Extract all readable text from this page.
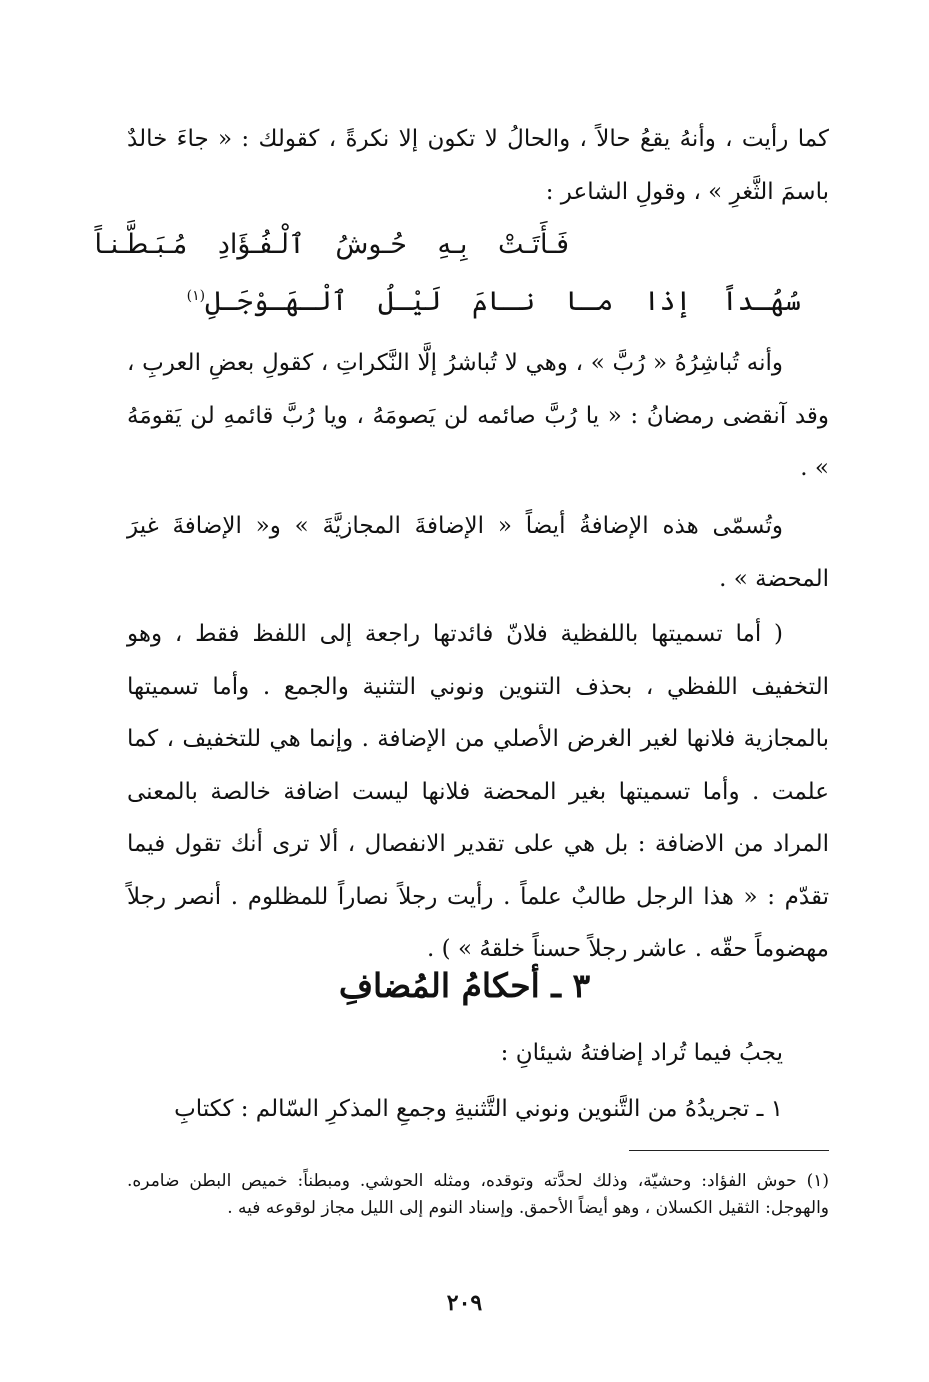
كما رأيت ، وأنهُ يقعُ حالاً ، والحالُ لا تكون إلا نكرةً ، كقولك : « جاءَ خالدٌ باسمَ الثَّغرِ » ، وقولِ الشاعر :
فَـأَتَـتْ بِـهِ حُـوشُ ٱلْـفُـؤَادِ مُـبَـطَّـنـاً
سُهُـداً إذا مـا نـامَ لَيْـلُ ٱلْـهَـوْجَـلِ$^{(١)}$
وأنه تُباشِرُهُ « رُبَّ » ، وهي لا تُباشرُ إلَّا النَّكراتِ ، كقولِ بعضِ العربِ ، وقد آنقضى رمضانُ : « يا رُبَّ صائمه لن يَصومَهُ ، ويا رُبَّ قائمهِ لن يَقومَهُ » .
وتُسمّى هذه الإضافةُ أيضاً « الإضافةَ المجازيَّةَ » و« الإضافةَ غيرَ المحضة » .
( أما تسميتها باللفظية فلانّ فائدتها راجعة إلى اللفظ فقط ، وهو التخفيف اللفظي ، بحذف التنوين ونوني التثنية والجمع . وأما تسميتها بالمجازية فلانها لغير الغرض الأصلي من الإضافة . وإنما هي للتخفيف ، كما علمت . وأما تسميتها بغير المحضة فلانها ليست اضافة خالصة بالمعنى المراد من الاضافة : بل هي على تقدير الانفصال ، ألا ترى أنك تقول فيما تقدّم : « هذا الرجل طالبٌ علماً . رأيت رجلاً نصاراً للمظلوم . أنصر رجلاً مهضوماً حقّه . عاشر رجلاً حسناً خلقهُ » ) .
٣ ـ أحكامُ المُضافِ
يجبُ فيما تُراد إضافتهُ شيئانِ :
١ ـ تجريدُهُ من التَّنوين ونوني التَّثنيةِ وجمعِ المذكرِ السّالم : ككتابِ
(١) حوش الفؤاد: وحشيّة، وذلك لحدَّته وتوقده، ومثله الحوشي. ومبطناً: خميص البطن ضامره. والهوجل: الثقيل الكسلان ، وهو أيضاً الأحمق. وإسناد النوم إلى الليل مجاز لوقوعه فيه .
٢٠٩
